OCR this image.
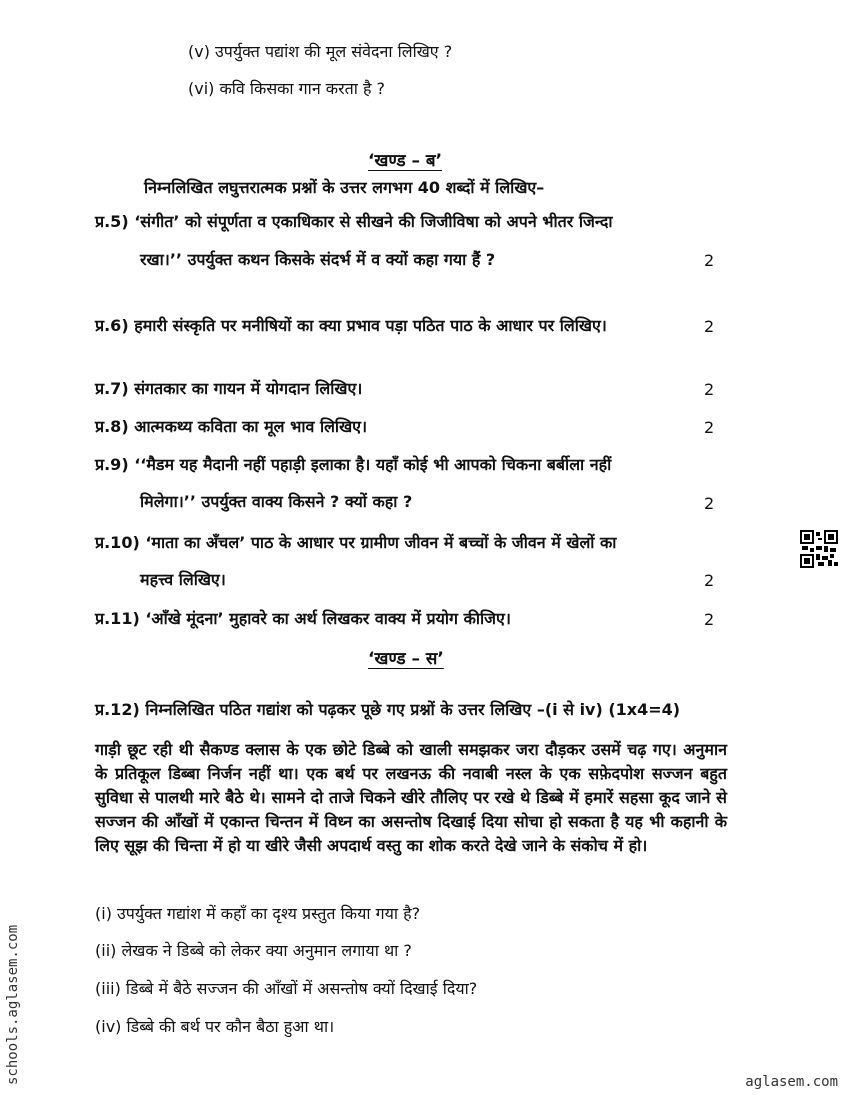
(v) उपर्युक्त पद्यांश की मूल संवेदना लिखिए ?
(vi) कवि किसका गान करता है ?
‘खण्ड – ब’
निम्नलिखित लघुत्तरात्मक प्रश्नों के उत्तर लगभग 40 शब्दों में लिखिए–
प्र.5) ‘संगीत’ को संपूर्णता व एकाधिकार से सीखने की जिजीविषा को अपने भीतर जिन्दा
रखा।’’ उपर्युक्त कथन किसके संदर्भ में व क्यों कहा गया हैं ?	2
प्र.6) हमारी संस्कृति पर मनीषियों का क्या प्रभाव पड़ा पठित पाठ के आधार पर लिखिए।	2
प्र.7) संगतकार का गायन में योगदान लिखिए।	2
प्र.8) आत्मकथ्य कविता का मूल भाव लिखिए।	2
प्र.9) ‘‘मैडम यह मैदानी नहीं पहाड़ी इलाका है। यहाँ कोई भी आपको चिकना बर्बीला नहीं
मिलेगा।’’ उपर्युक्त वाक्य किसने ? क्यों कहा ?	2
प्र.10) ‘माता का अँचल’ पाठ के आधार पर ग्रामीण जीवन में बच्चों के जीवन में खेलों का
महत्त्व लिखिए।	2
प्र.11) ‘आँखे मूंदना’ मुहावरे का अर्थ लिखकर वाक्य में प्रयोग कीजिए।	2
‘खण्ड – स’
प्र.12) निम्नलिखित पठित गद्यांश को पढ़कर पूछे गए प्रश्नों के उत्तर लिखिए –(i से iv) (1x4=4)
गाड़ी छूट रही थी सैकण्ड क्लास के एक छोटे डिब्बे को खाली समझकर जरा दौड़कर उसमें चढ़ गए। अनुमान के प्रतिकूल डिब्बा निर्जन नहीं था। एक बर्थ पर लखनऊ की नवाबी नस्ल के एक सफ़ेदपोश सज्जन बहुत सुविधा से पालथी मारे बैठे थे। सामने दो ताजे चिकने खीरे तौलिए पर रखे थे डिब्बे में हमारें सहसा कूद जाने से सज्जन की आँखों में एकान्त चिन्तन में विध्न का असन्तोष दिखाई दिया सोचा हो सकता है यह भी कहानी के लिए सूझ की चिन्ता में हो या खीरे जैसी अपदार्थ वस्तु का शोक करते देखे जाने के संकोच में हो।
(i) उपर्युक्त गद्यांश में कहाँ का दृश्य प्रस्तुत किया गया है?
(ii) लेखक ने डिब्बे को लेकर क्या अनुमान लगाया था ?
(iii) डिब्बे में बैठे सज्जन की आँखों में असन्तोष क्यों दिखाई दिया?
(iv) डिब्बे की बर्थ पर कौन बैठा हुआ था।
schools.aglasem.com	aglasem.com
